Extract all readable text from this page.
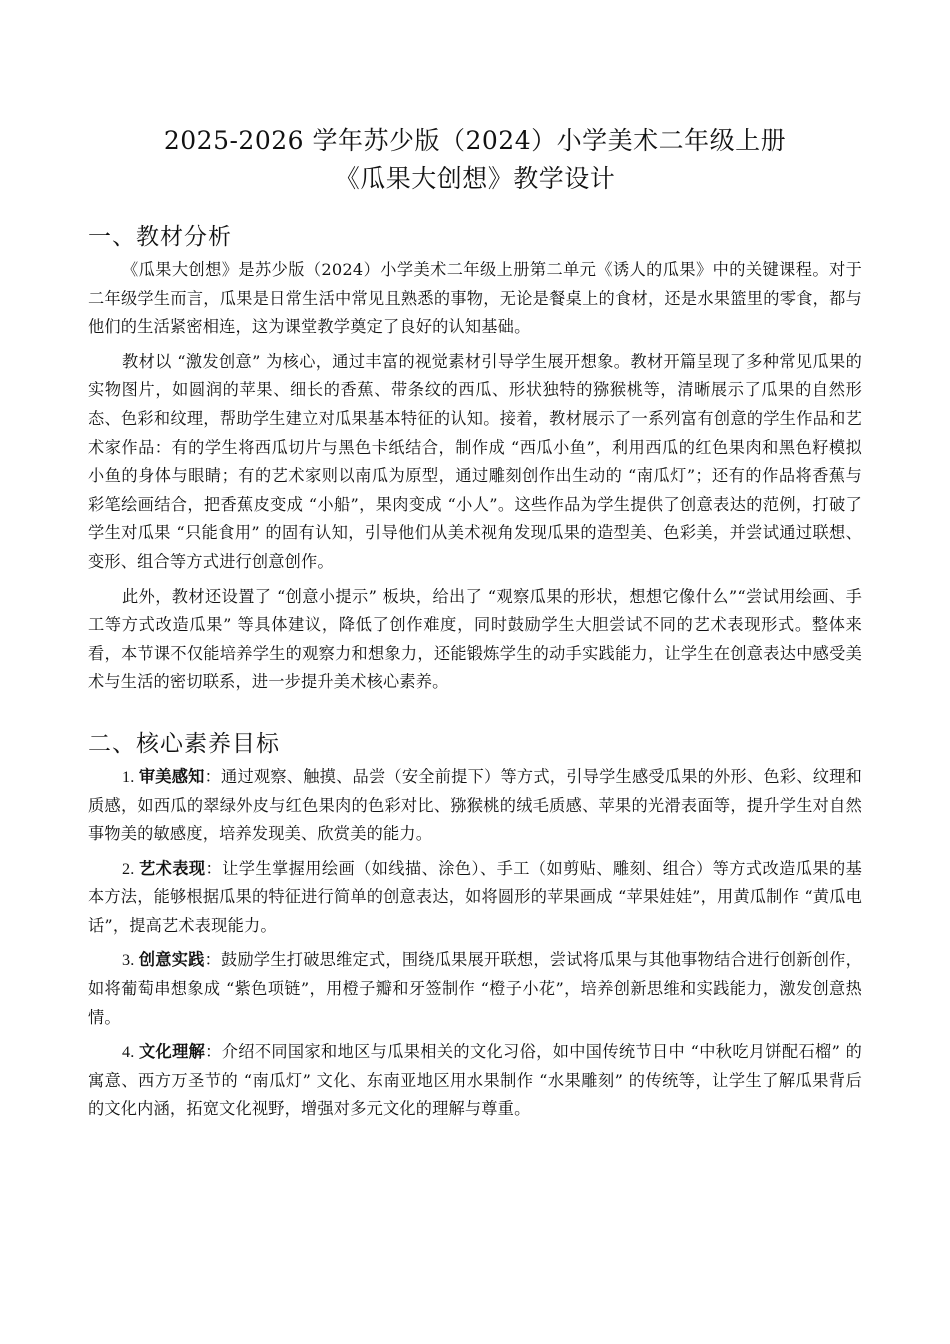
2025-2026 学年苏少版（2024）小学美术二年级上册
《瓜果大创想》教学设计
一、教材分析

《瓜果大创想》是苏少版（2024）小学美术二年级上册第二单元《诱人的瓜果》中的关键课程。对于二年级学生而言，瓜果是日常生活中常见且熟悉的事物，无论是餐桌上的食材，还是水果篮里的零食，都与他们的生活紧密相连，这为课堂教学奠定了良好的认知基础。

教材以 “激发创意” 为核心，通过丰富的视觉素材引导学生展开想象。教材开篇呈现了多种常见瓜果的实物图片，如圆润的苹果、细长的香蕉、带条纹的西瓜、形状独特的猕猴桃等，清晰展示了瓜果的自然形态、色彩和纹理，帮助学生建立对瓜果基本特征的认知。接着，教材展示了一系列富有创意的学生作品和艺术家作品：有的学生将西瓜切片与黑色卡纸结合，制作成 “西瓜小鱼”，利用西瓜的红色果肉和黑色籽模拟小鱼的身体与眼睛；有的艺术家则以南瓜为原型，通过雕刻创作出生动的 “南瓜灯”；还有的作品将香蕉与彩笔绘画结合，把香蕉皮变成 “小船”，果肉变成 “小人”。这些作品为学生提供了创意表达的范例，打破了学生对瓜果 “只能食用” 的固有认知，引导他们从美术视角发现瓜果的造型美、色彩美，并尝试通过联想、变形、组合等方式进行创意创作。

此外，教材还设置了 “创意小提示” 板块，给出了 “观察瓜果的形状，想想它像什么”“尝试用绘画、手工等方式改造瓜果” 等具体建议，降低了创作难度，同时鼓励学生大胆尝试不同的艺术表现形式。整体来看，本节课不仅能培养学生的观察力和想象力，还能锻炼学生的动手实践能力，让学生在创意表达中感受美术与生活的密切联系，进一步提升美术核心素养。

二、核心素养目标

1. 审美感知：通过观察、触摸、品尝（安全前提下）等方式，引导学生感受瓜果的外形、色彩、纹理和质感，如西瓜的翠绿外皮与红色果肉的色彩对比、猕猴桃的绒毛质感、苹果的光滑表面等，提升学生对自然事物美的敏感度，培养发现美、欣赏美的能力。

2. 艺术表现：让学生掌握用绘画（如线描、涂色）、手工（如剪贴、雕刻、组合）等方式改造瓜果的基本方法，能够根据瓜果的特征进行简单的创意表达，如将圆形的苹果画成 “苹果娃娃”，用黄瓜制作 “黄瓜电话”，提高艺术表现能力。

3. 创意实践：鼓励学生打破思维定式，围绕瓜果展开联想，尝试将瓜果与其他事物结合进行创新创作，如将葡萄串想象成 “紫色项链”，用橙子瓣和牙签制作 “橙子小花”，培养创新思维和实践能力，激发创意热情。

4. 文化理解：介绍不同国家和地区与瓜果相关的文化习俗，如中国传统节日中 “中秋吃月饼配石榴” 的寓意、西方万圣节的 “南瓜灯” 文化、东南亚地区用水果制作 “水果雕刻” 的传统等，让学生了解瓜果背后的文化内涵，拓宽文化视野，增强对多元文化的理解与尊重。
